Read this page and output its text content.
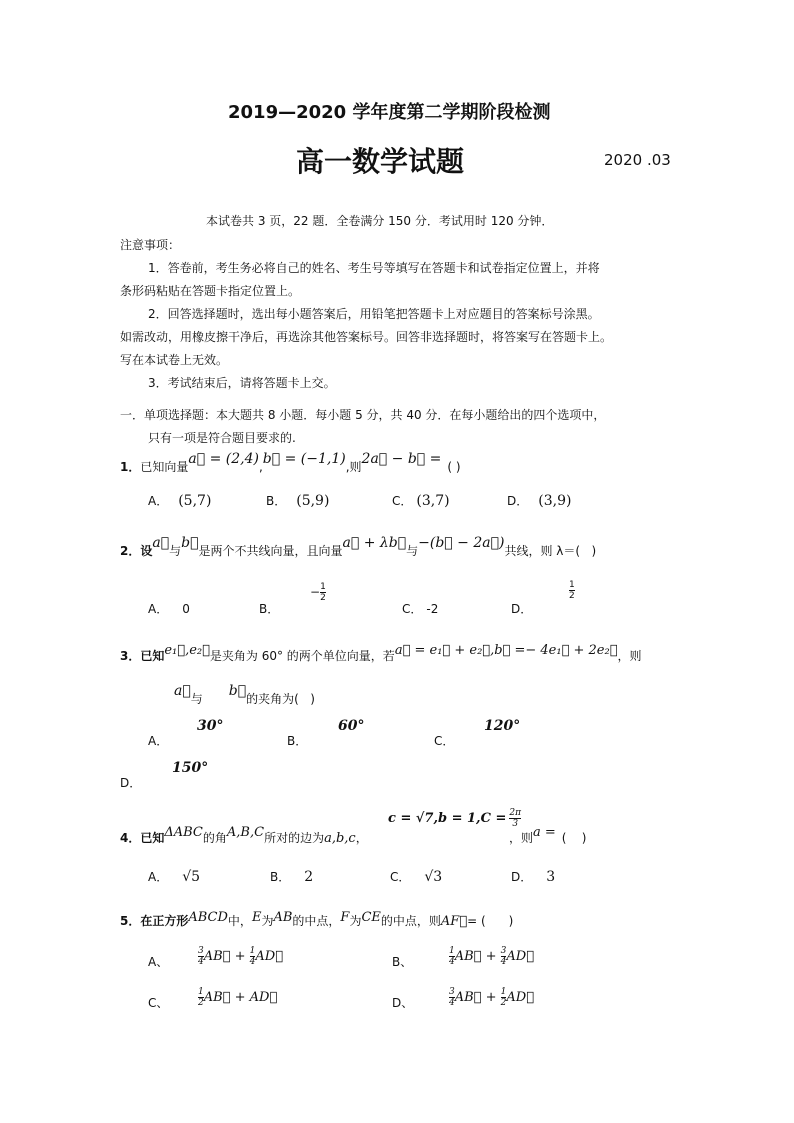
2019—2020 学年度第二学期阶段检测
高一数学试题	2020 .03
本试卷共 3 页，22 题．全卷满分 150 分．考试用时 120 分钟．
注意事项：
1．答卷前，考生务必将自己的姓名、考生号等填写在答题卡和试卷指定位置上，并将
条形码粘贴在答题卡指定位置上。
2．回答选择题时，选出每小题答案后，用铅笔把答题卡上对应题目的答案标号涂黑。
如需改动，用橡皮擦干净后，再选涂其他答案标号。回答非选择题时，将答案写在答题卡上。
写在本试卷上无效。
3．考试结束后，请将答题卡上交。
一．单项选择题：本大题共 8 小题．每小题 5 分，共 40 分．在每小题给出的四个选项中，
只有一项是符合题目要求的.
1．已知向量a⃗ = (2,4),b⃗ = (−1,1),则2a⃗ − b⃗ = ( )
A． (5,7)	B． (5,9)	C． (3,7)	D． (3,9)
2．设a⃗与b⃗是两个不共线向量，且向量a⃗ + λb⃗与−(b⃗ − 2a⃗)共线，则 λ＝(   )
A． 0	B．
− $\frac{1}{2}$
C． -2	D．
$\frac{1}{2}$
3．已知e₁⃗,e₂⃗是夹角为 60° 的两个单位向量，若a⃗ = e₁⃗ + e₂⃗,b⃗ =− 4e₁⃗ + 2e₂⃗，则
a⃗与 b⃗的夹角为(   )
A．
30°
B．
60°
C．
120°
D．
150°
4．已知ΔABC的角A,B,C所对的边为a,b,c，
$c = √7,b = 1,C = \frac{2\pi}{3}$
，则a = (    )
A． √5	B． 2	C． √3	D． 3
5．在正方形ABCD中，E为AB的中点，F为CE的中点，则AF⃗= (      )
A、	$\frac{3}{4}$ AB⃗ + $\frac{1}{4}$ AD⃗	B、	$\frac{1}{4}$ AB⃗ + $\frac{3}{4}$ AD⃗
C、	$\frac{1}{2}$ AB⃗ + AD⃗	D、	$\frac{3}{4}$ AB⃗ + $\frac{1}{2}$ AD⃗
